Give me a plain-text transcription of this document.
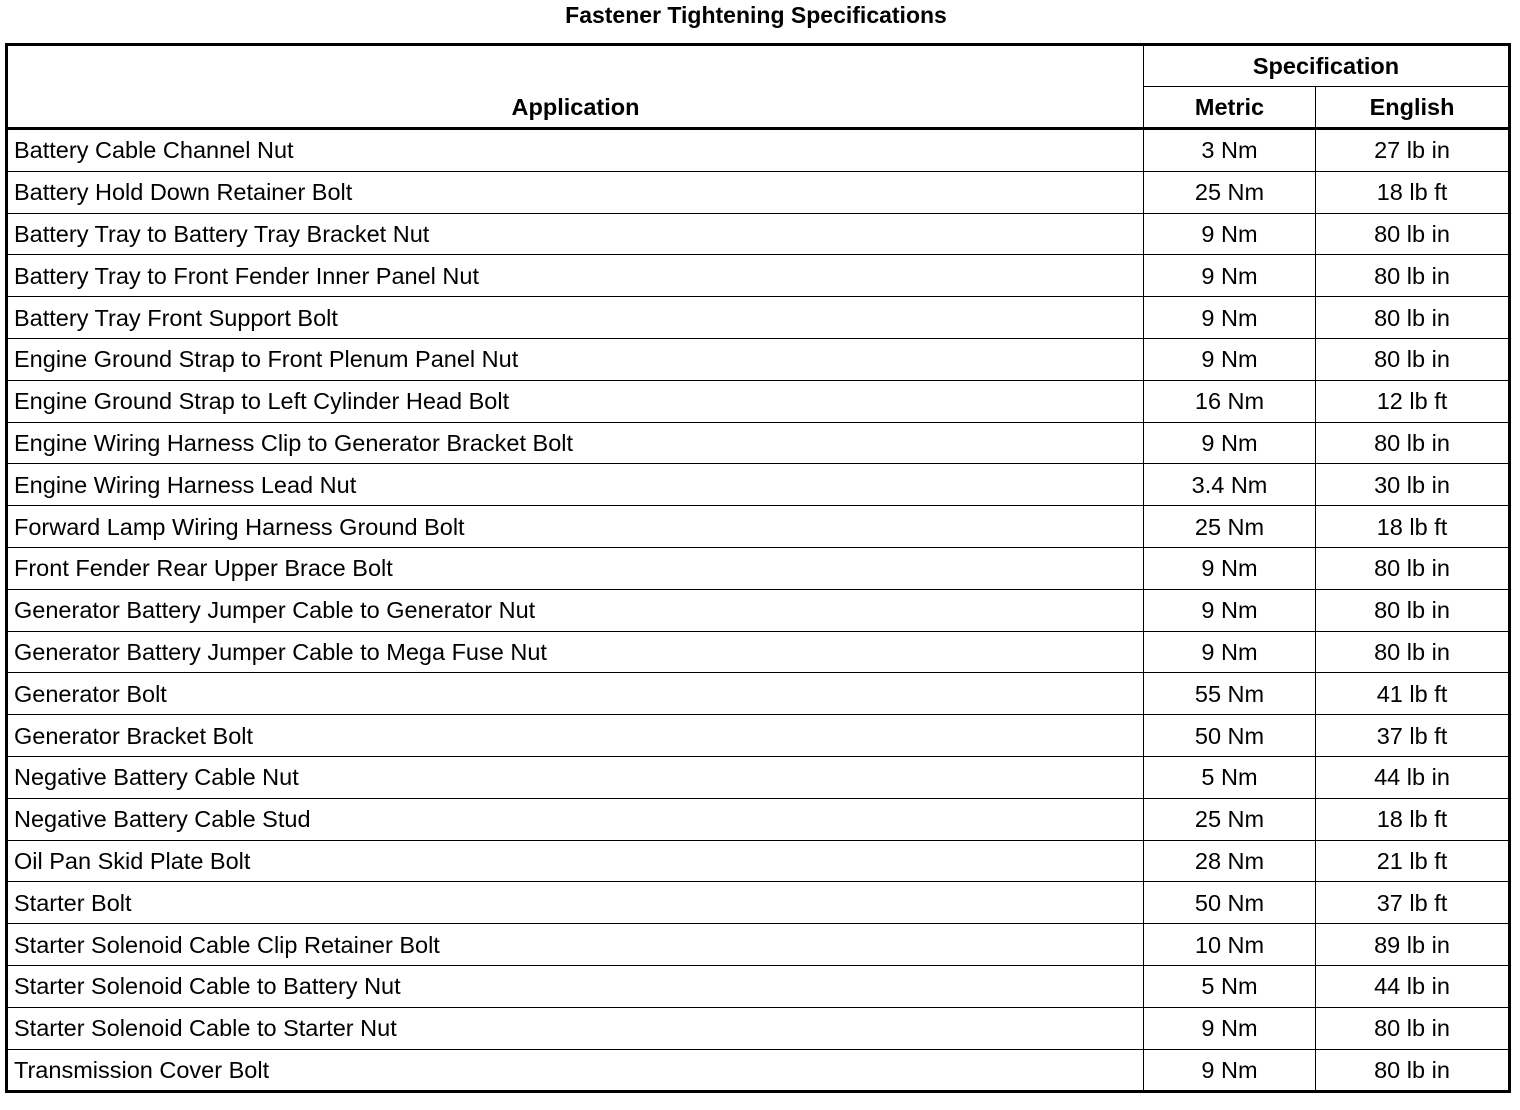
Fastener Tightening Specifications
Application	Specification	
	Metric	English
Battery Cable Channel Nut	3 Nm	27 lb in
Battery Hold Down Retainer Bolt	25 Nm	18 lb ft
Battery Tray to Battery Tray Bracket Nut	9 Nm	80 lb in
Battery Tray to Front Fender Inner Panel Nut	9 Nm	80 lb in
Battery Tray Front Support Bolt	9 Nm	80 lb in
Engine Ground Strap to Front Plenum Panel Nut	9 Nm	80 lb in
Engine Ground Strap to Left Cylinder Head Bolt	16 Nm	12 lb ft
Engine Wiring Harness Clip to Generator Bracket Bolt	9 Nm	80 lb in
Engine Wiring Harness Lead Nut	3.4 Nm	30 lb in
Forward Lamp Wiring Harness Ground Bolt	25 Nm	18 lb ft
Front Fender Rear Upper Brace Bolt	9 Nm	80 lb in
Generator Battery Jumper Cable to Generator Nut	9 Nm	80 lb in
Generator Battery Jumper Cable to Mega Fuse Nut	9 Nm	80 lb in
Generator Bolt	55 Nm	41 lb ft
Generator Bracket Bolt	50 Nm	37 lb ft
Negative Battery Cable Nut	5 Nm	44 lb in
Negative Battery Cable Stud	25 Nm	18 lb ft
Oil Pan Skid Plate Bolt	28 Nm	21 lb ft
Starter Bolt	50 Nm	37 lb ft
Starter Solenoid Cable Clip Retainer Bolt	10 Nm	89 lb in
Starter Solenoid Cable to Battery Nut	5 Nm	44 lb in
Starter Solenoid Cable to Starter Nut	9 Nm	80 lb in
Transmission Cover Bolt	9 Nm	80 lb in
